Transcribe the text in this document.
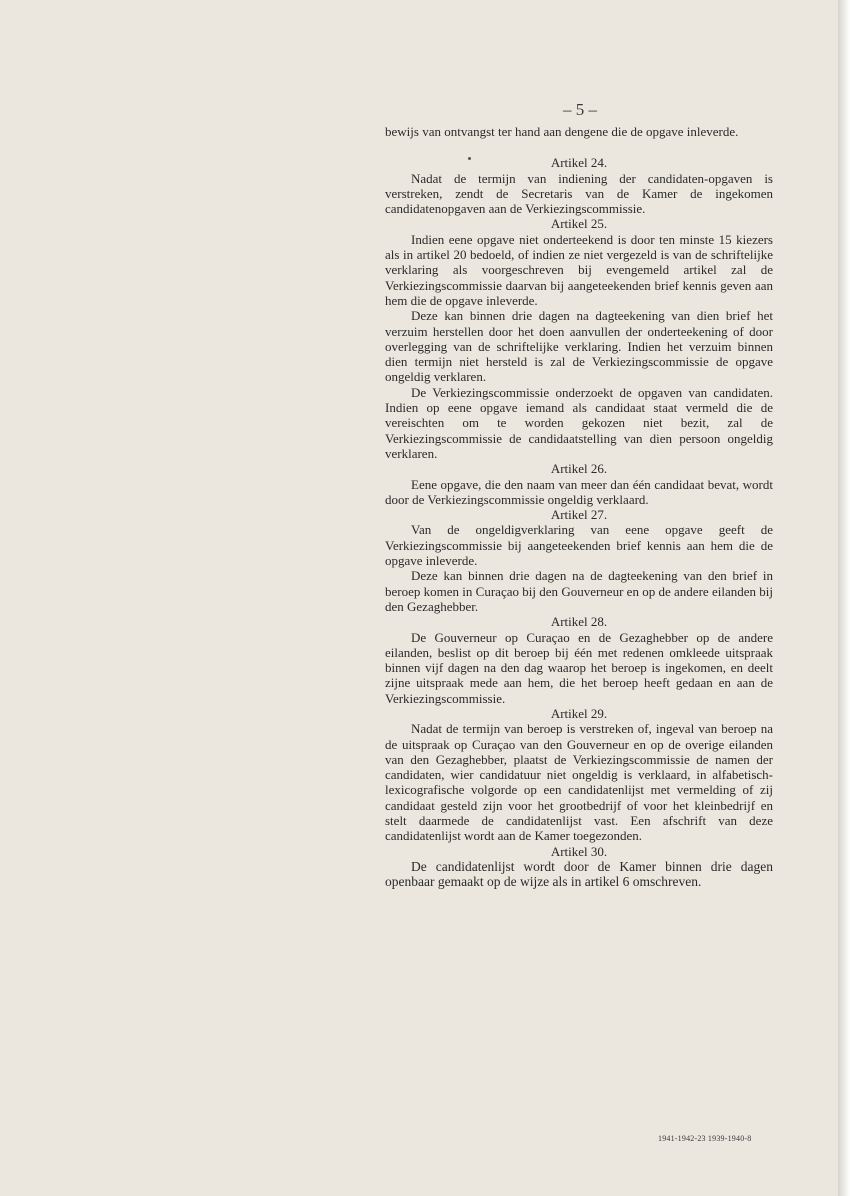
– 5 –

bewijs van ontvangst ter hand aan dengene die de opgave inleverde.

Artikel 24.

Nadat de termijn van indiening der candidaten-opgaven is verstreken, zendt de Secretaris van de Kamer de ingekomen candidatenopgaven aan de Verkiezingscommissie.

Artikel 25.

Indien eene opgave niet onderteekend is door ten minste 15 kiezers als in artikel 20 bedoeld, of indien ze niet vergezeld is van de schriftelijke verklaring als voorgeschreven bij evengemeld artikel zal de Verkiezingscommissie daarvan bij aangeteekenden brief kennis geven aan hem die de opgave inleverde.

Deze kan binnen drie dagen na dagteekening van dien brief het verzuim herstellen door het doen aanvullen der onderteekening of door overlegging van de schriftelijke verklaring. Indien het verzuim binnen dien termijn niet hersteld is zal de Verkiezingscommissie de opgave ongeldig verklaren.

De Verkiezingscommissie onderzoekt de opgaven van candidaten. Indien op eene opgave iemand als candidaat staat vermeld die de vereischten om te worden gekozen niet bezit, zal de Verkiezingscommissie de candidaatstelling van dien persoon ongeldig verklaren.

Artikel 26.

Eene opgave, die den naam van meer dan één candidaat bevat, wordt door de Verkiezingscommissie ongeldig verklaard.

Artikel 27.

Van de ongeldigverklaring van eene opgave geeft de Verkiezingscommissie bij aangeteekenden brief kennis aan hem die de opgave inleverde.

Deze kan binnen drie dagen na de dagteekening van den brief in beroep komen in Curaçao bij den Gouverneur en op de andere eilanden bij den Gezaghebber.

Artikel 28.

De Gouverneur op Curaçao en de Gezaghebber op de andere eilanden, beslist op dit beroep bij één met redenen omkleede uitspraak binnen vijf dagen na den dag waarop het beroep is ingekomen, en deelt zijne uitspraak mede aan hem, die het beroep heeft gedaan en aan de Verkiezingscommissie.

Artikel 29.

Nadat de termijn van beroep is verstreken of, ingeval van beroep na de uitspraak op Curaçao van den Gouverneur en op de overige eilanden van den Gezaghebber, plaatst de Verkiezingscommissie de namen der candidaten, wier candidatuur niet ongeldig is verklaard, in alfabetisch-lexicografische volgorde op een candidatenlijst met vermelding of zij candidaat gesteld zijn voor het grootbedrijf of voor het kleinbedrijf en stelt daarmede de candidatenlijst vast. Een afschrift van deze candidatenlijst wordt aan de Kamer toegezonden.

Artikel 30.

De candidatenlijst wordt door de Kamer binnen drie dagen openbaar gemaakt op de wijze als in artikel 6 omschreven.

1941-1942-23 1939-1940-8
